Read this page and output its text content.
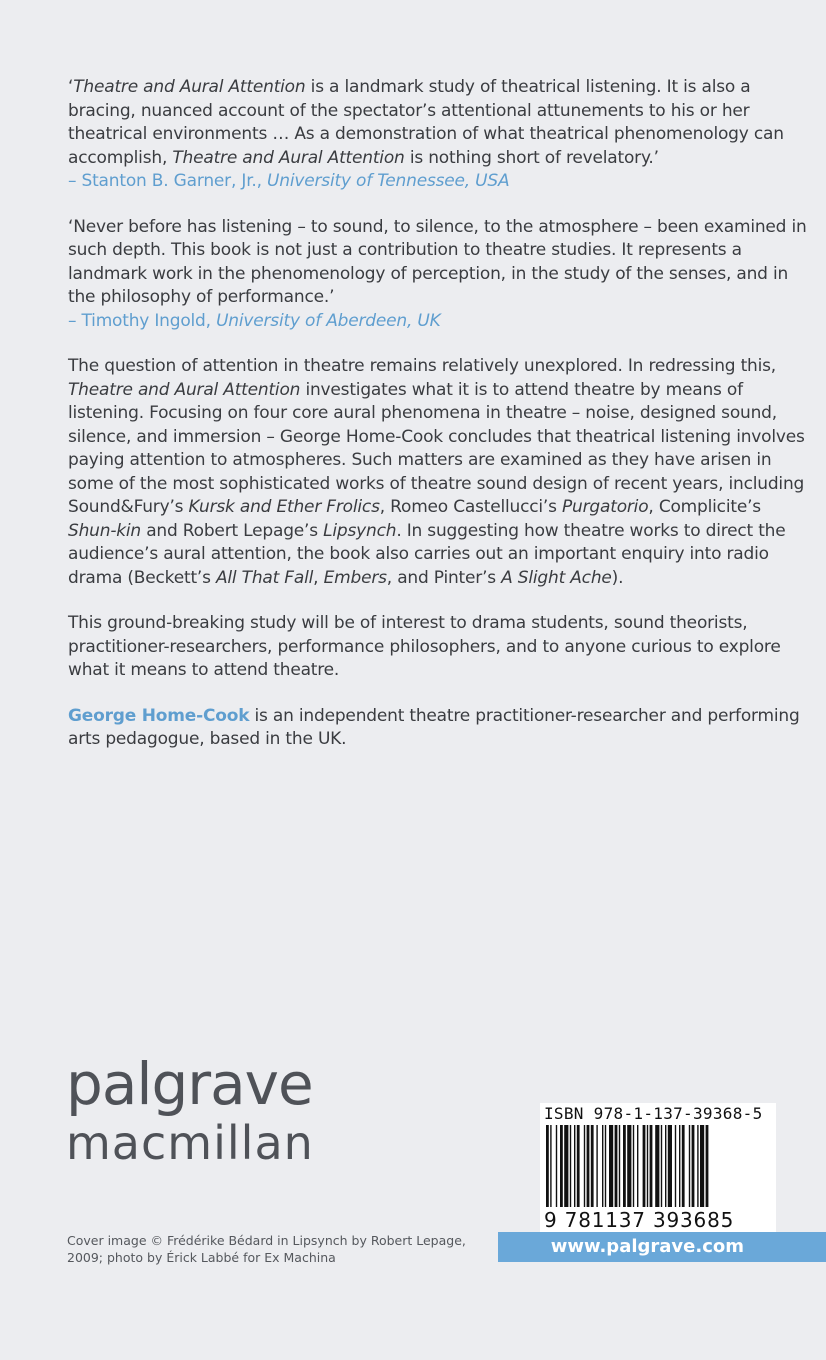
‘Theatre and Aural Attention is a landmark study of theatrical listening. It is also a bracing, nuanced account of the spectator’s attentional attunements to his or her theatrical environments … As a demonstration of what theatrical phenomenology can accomplish, Theatre and Aural Attention is nothing short of revelatory.’
– Stanton B. Garner, Jr., University of Tennessee, USA

‘Never before has listening – to sound, to silence, to the atmosphere – been examined in such depth. This book is not just a contribution to theatre studies. It represents a landmark work in the phenomenology of perception, in the study of the senses, and in the philosophy of performance.’
– Timothy Ingold, University of Aberdeen, UK

The question of attention in theatre remains relatively unexplored. In redressing this, Theatre and Aural Attention investigates what it is to attend theatre by means of listening. Focusing on four core aural phenomena in theatre – noise, designed sound, silence, and immersion – George Home-Cook concludes that theatrical listening involves paying attention to atmospheres. Such matters are examined as they have arisen in some of the most sophisticated works of theatre sound design of recent years, including Sound&Fury’s Kursk and Ether Frolics, Romeo Castellucci’s Purgatorio, Complicite’s Shun-kin and Robert Lepage’s Lipsynch. In suggesting how theatre works to direct the audience’s aural attention, the book also carries out an important enquiry into radio drama (Beckett’s All That Fall, Embers, and Pinter’s A Slight Ache).

This ground-breaking study will be of interest to drama students, sound theorists, practitioner-researchers, performance philosophers, and to anyone curious to explore what it means to attend theatre.

George Home-Cook is an independent theatre practitioner-researcher and performing arts pedagogue, based in the UK.

palgrave
macmillan
Cover image © Frédérike Bédard in Lipsynch by Robert Lepage, 2009; photo by Érick Labbé for Ex Machina
ISBN 978-1-137-39368-5
9 781137 393685
www.palgrave.com
